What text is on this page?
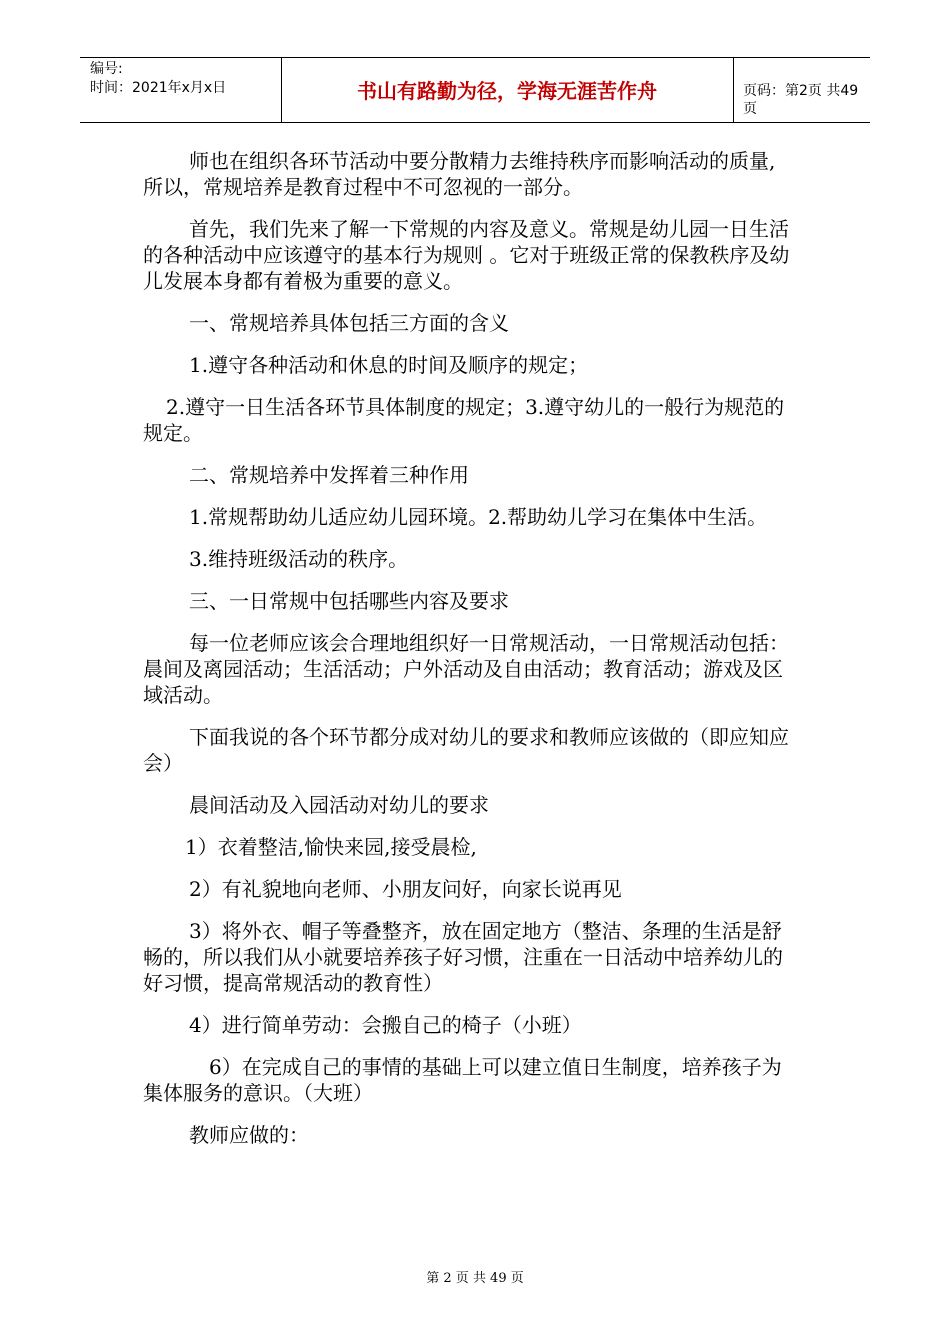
编号:
时间：2021年x月x日	书山有路勤为径，学海无涯苦作舟	页码：第2页 共49页

师也在组织各环节活动中要分散精力去维持秩序而影响活动的质量,所以，常规培养是教育过程中不可忽视的一部分。

首先，我们先来了解一下常规的内容及意义。常规是幼儿园一日生活的各种活动中应该遵守的基本行为规则 。它对于班级正常的保教秩序及幼儿发展本身都有着极为重要的意义。

一、常规培养具体包括三方面的含义

1.遵守各种活动和休息的时间及顺序的规定；

2.遵守一日生活各环节具体制度的规定；3.遵守幼儿的一般行为规范的规定。

二、常规培养中发挥着三种作用

1.常规帮助幼儿适应幼儿园环境。2.帮助幼儿学习在集体中生活。

3.维持班级活动的秩序。

三、一日常规中包括哪些内容及要求

每一位老师应该会合理地组织好一日常规活动，一日常规活动包括：晨间及离园活动；生活活动；户外活动及自由活动；教育活动；游戏及区域活动。

下面我说的各个环节都分成对幼儿的要求和教师应该做的（即应知应会）

晨间活动及入园活动对幼儿的要求

1）衣着整洁,愉快来园,接受晨检,

2）有礼貌地向老师、小朋友问好，向家长说再见

3）将外衣、帽子等叠整齐，放在固定地方（整洁、条理的生活是舒畅的，所以我们从小就要培养孩子好习惯，注重在一日活动中培养幼儿的好习惯，提高常规活动的教育性）

4）进行简单劳动：会搬自己的椅子（小班）

6）在完成自己的事情的基础上可以建立值日生制度，培养孩子为集体服务的意识。（大班）

教师应做的：

第 2 页 共 49 页
